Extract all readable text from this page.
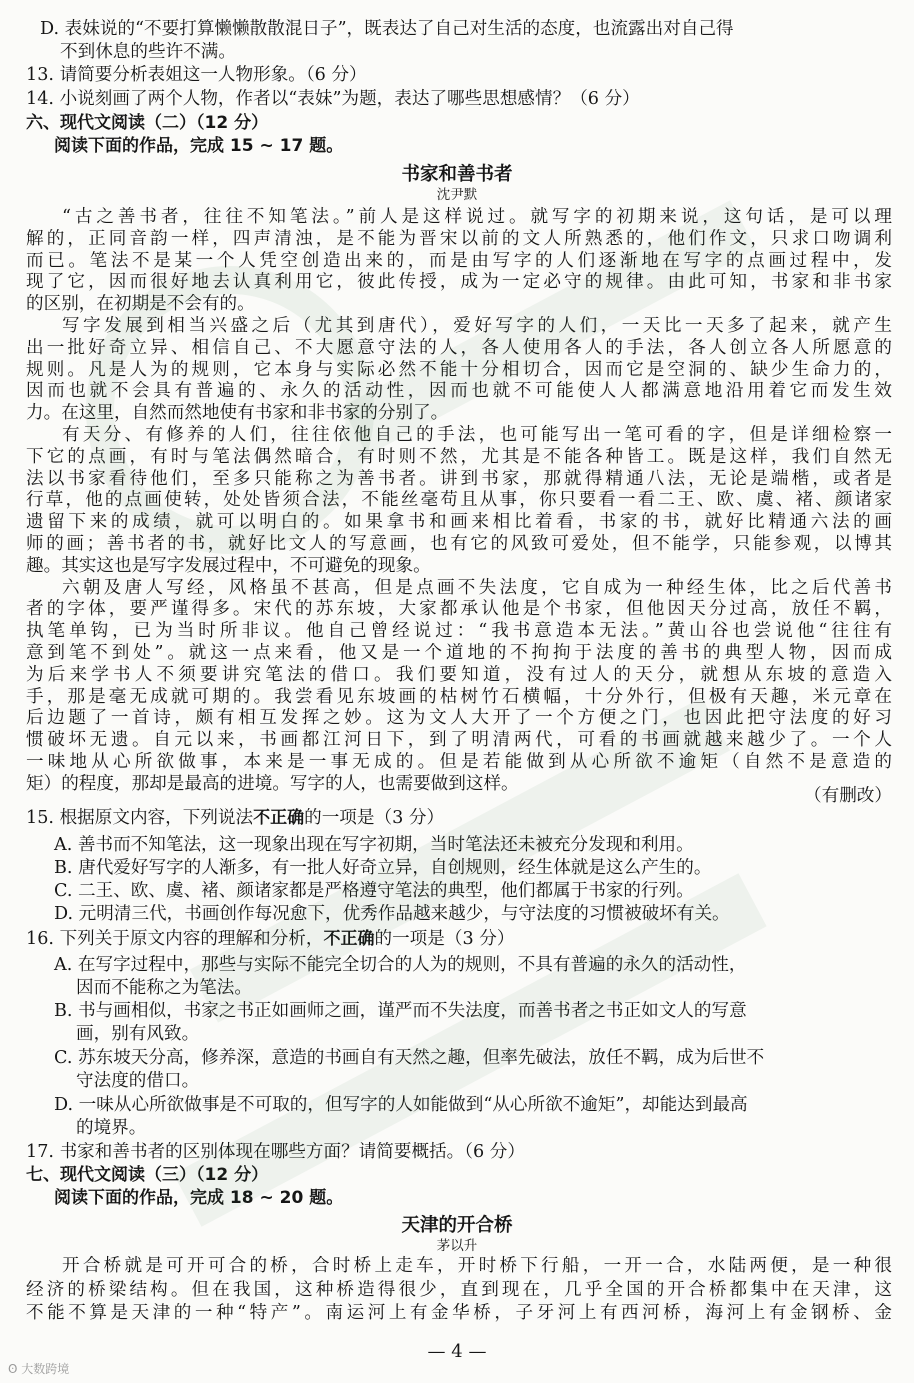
D. 表妹说的“不要打算懒懒散散混日子”，既表达了自己对生活的态度，也流露出对自己得
不到休息的些许不满。
13. 请简要分析表姐这一人物形象。（6 分）
14. 小说刻画了两个人物，作者以“表妹”为题，表达了哪些思想感情？（6 分）
六、现代文阅读（二）（12 分）
阅读下面的作品，完成 15 ~ 17 题。
书家和善书者
沈尹默
“古之善书者，往往不知笔法。”前人是这样说过。就写字的初期来说，这句话，是可以理
解的，正同音韵一样，四声清浊，是不能为晋宋以前的文人所熟悉的，他们作文，只求口吻调利
而已。笔法不是某一个人凭空创造出来的，而是由写字的人们逐渐地在写字的点画过程中，发
现了它，因而很好地去认真利用它，彼此传授，成为一定必守的规律。由此可知，书家和非书家
的区别，在初期是不会有的。
写字发展到相当兴盛之后（尤其到唐代），爱好写字的人们，一天比一天多了起来，就产生
出一批好奇立异、相信自己、不大愿意守法的人，各人使用各人的手法，各人创立各人所愿意的
规则。凡是人为的规则，它本身与实际必然不能十分相切合，因而它是空洞的、缺少生命力的，
因而也就不会具有普遍的、永久的活动性，因而也就不可能使人人都满意地沿用着它而发生效
力。在这里，自然而然地使有书家和非书家的分别了。
有天分、有修养的人们，往往依他自己的手法，也可能写出一笔可看的字，但是详细检察一
下它的点画，有时与笔法偶然暗合，有时则不然，尤其是不能各种皆工。既是这样，我们自然无
法以书家看待他们，至多只能称之为善书者。讲到书家，那就得精通八法，无论是端楷，或者是
行草，他的点画使转，处处皆须合法，不能丝毫苟且从事，你只要看一看二王、欧、虞、褚、颜诸家
遗留下来的成绩，就可以明白的。如果拿书和画来相比着看，书家的书，就好比精通六法的画
师的画；善书者的书，就好比文人的写意画，也有它的风致可爱处，但不能学，只能参观，以博其
趣。其实这也是写字发展过程中，不可避免的现象。
六朝及唐人写经，风格虽不甚高，但是点画不失法度，它自成为一种经生体，比之后代善书
者的字体，要严谨得多。宋代的苏东坡，大家都承认他是个书家，但他因天分过高，放任不羁，
执笔单钩，已为当时所非议。他自己曾经说过：“我书意造本无法。”黄山谷也尝说他“往往有
意到笔不到处”。就这一点来看，他又是一个道地的不拘拘于法度的善书的典型人物，因而成
为后来学书人不须要讲究笔法的借口。我们要知道，没有过人的天分，就想从东坡的意造入
手，那是毫无成就可期的。我尝看见东坡画的枯树竹石横幅，十分外行，但极有天趣，米元章在
后边题了一首诗，颇有相互发挥之妙。这为文人大开了一个方便之门，也因此把守法度的好习
惯破坏无遗。自元以来，书画都江河日下，到了明清两代，可看的书画就越来越少了。一个人
一味地从心所欲做事，本来是一事无成的。但是若能做到从心所欲不逾矩（自然不是意造的
矩）的程度，那却是最高的进境。写字的人，也需要做到这样。
（有删改）
15. 根据原文内容，下列说法不正确的一项是（3 分）
A. 善书而不知笔法，这一现象出现在写字初期，当时笔法还未被充分发现和利用。
B. 唐代爱好写字的人渐多，有一批人好奇立异，自创规则，经生体就是这么产生的。
C. 二王、欧、虞、褚、颜诸家都是严格遵守笔法的典型，他们都属于书家的行列。
D. 元明清三代，书画创作每况愈下，优秀作品越来越少，与守法度的习惯被破坏有关。
16. 下列关于原文内容的理解和分析，不正确的一项是（3 分）
A. 在写字过程中，那些与实际不能完全切合的人为的规则，不具有普遍的永久的活动性，
因而不能称之为笔法。
B. 书与画相似，书家之书正如画师之画，谨严而不失法度，而善书者之书正如文人的写意
画，别有风致。
C. 苏东坡天分高，修养深，意造的书画自有天然之趣，但率先破法，放任不羁，成为后世不
守法度的借口。
D. 一味从心所欲做事是不可取的，但写字的人如能做到“从心所欲不逾矩”，却能达到最高
的境界。
17. 书家和善书者的区别体现在哪些方面？请简要概括。（6 分）
七、现代文阅读（三）（12 分）
阅读下面的作品，完成 18 ~ 20 题。
天津的开合桥
茅以升
开合桥就是可开可合的桥，合时桥上走车，开时桥下行船，一开一合，水陆两便，是一种很
经济的桥梁结构。但在我国，这种桥造得很少，直到现在，几乎全国的开合桥都集中在天津，这
不能不算是天津的一种“特产”。南运河上有金华桥，子牙河上有西河桥，海河上有金钢桥、金
— 4 —
ʘ 大数跨境
